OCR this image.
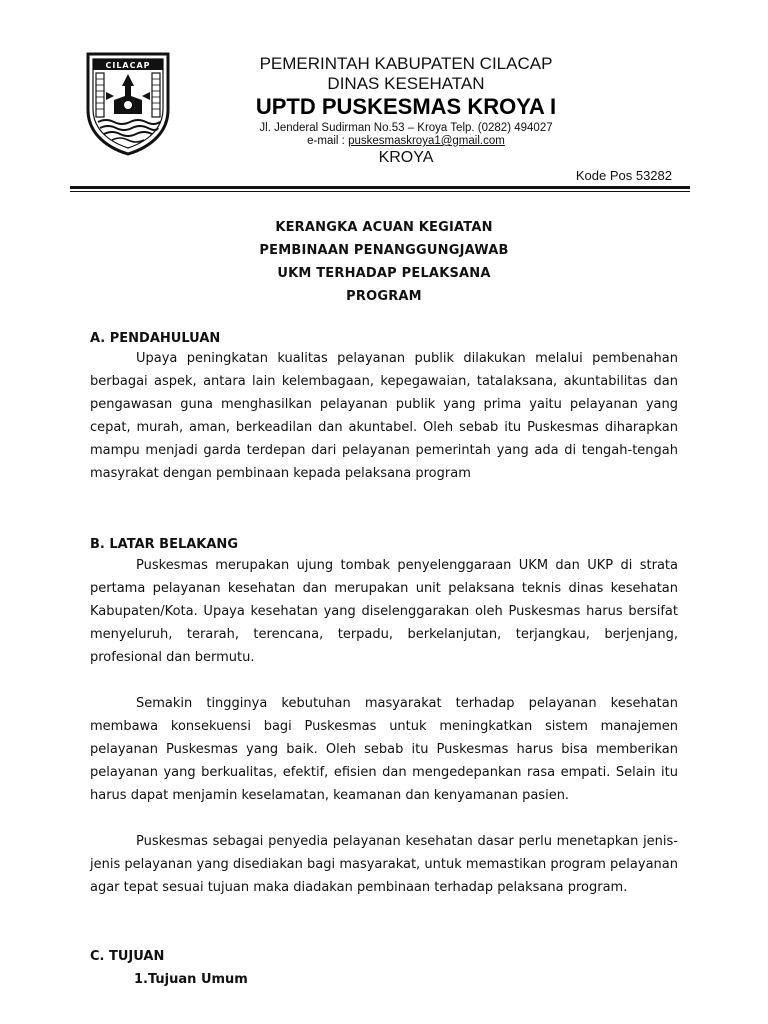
CILACAP	PEMERINTAH KABUPATEN CILACAP
DINAS KESEHATAN
UPTD PUSKESMAS KROYA I
Jl. Jenderal Sudirman No.53 – Kroya Telp. (0282) 494027
e-mail : puskesmaskroya1@gmail.com
KROYA
Kode Pos 53282
KERANGKA ACUAN KEGIATAN
PEMBINAAN PENANGGUNGJAWAB
UKM TERHADAP PELAKSANA
PROGRAM
A. PENDAHULUAN

Upaya peningkatan kualitas pelayanan publik dilakukan melalui pembenahan berbagai aspek, antara lain kelembagaan, kepegawaian, tatalaksana, akuntabilitas dan pengawasan guna menghasilkan pelayanan publik yang prima yaitu pelayanan yang cepat, murah, aman, berkeadilan dan akuntabel. Oleh sebab itu Puskesmas diharapkan mampu menjadi garda terdepan dari pelayanan pemerintah yang ada di tengah-tengah masyrakat dengan pembinaan kepada pelaksana program

B. LATAR BELAKANG

Puskesmas merupakan ujung tombak penyelenggaraan UKM dan UKP di strata pertama pelayanan kesehatan dan merupakan unit pelaksana teknis dinas kesehatan Kabupaten/Kota. Upaya kesehatan yang diselenggarakan oleh Puskesmas harus bersifat menyeluruh, terarah, terencana, terpadu, berkelanjutan, terjangkau, berjenjang, profesional dan bermutu.

Semakin tingginya kebutuhan masyarakat terhadap pelayanan kesehatan membawa konsekuensi bagi Puskesmas untuk meningkatkan sistem manajemen pelayanan Puskesmas yang baik. Oleh sebab itu Puskesmas harus bisa memberikan pelayanan yang berkualitas, efektif, efisien dan mengedepankan rasa empati. Selain itu harus dapat menjamin keselamatan, keamanan dan kenyamanan pasien.

Puskesmas sebagai penyedia pelayanan kesehatan dasar perlu menetapkan jenis-jenis pelayanan yang disediakan bagi masyarakat, untuk memastikan program pelayanan agar tepat sesuai tujuan maka diadakan pembinaan terhadap pelaksana program.

C. TUJUAN
1.Tujuan Umum
